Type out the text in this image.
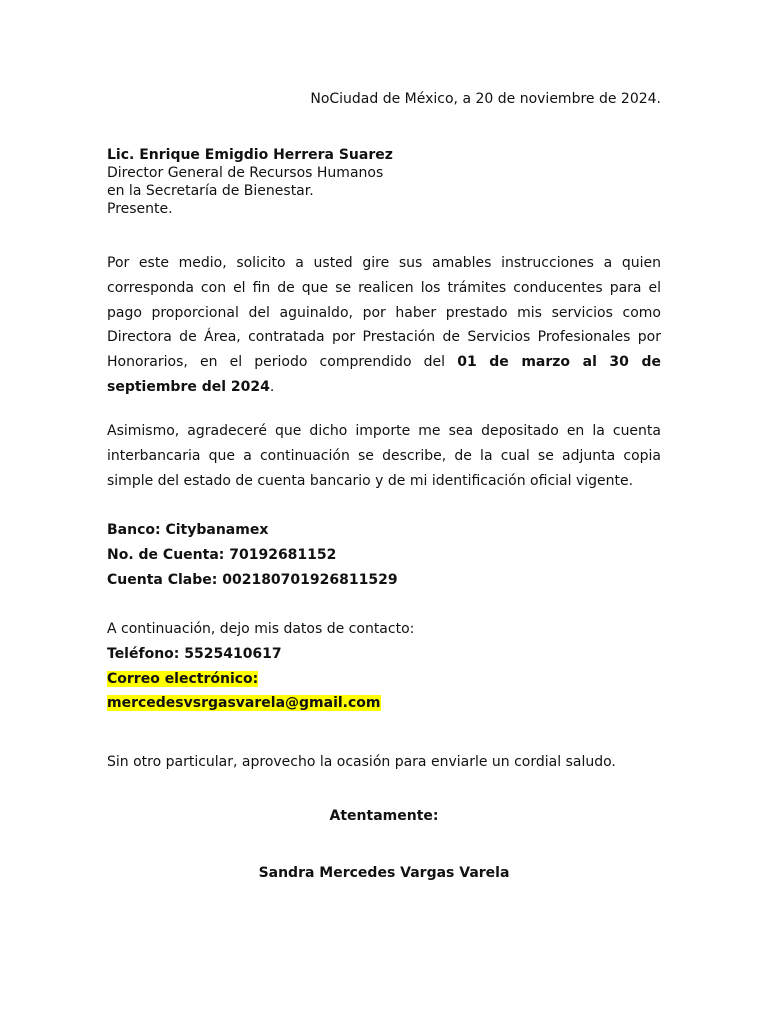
NoCiudad de México, a 20 de noviembre de 2024.
Lic. Enrique Emigdio Herrera Suarez
Director General de Recursos Humanos
en la Secretaría de Bienestar.
Presente.

Por este medio, solicito a usted gire sus amables instrucciones a quien corresponda con el fin de que se realicen los trámites conducentes para el pago proporcional del aguinaldo, por haber prestado mis servicios como Directora de Área, contratada por Prestación de Servicios Profesionales por Honorarios, en el periodo comprendido del 01 de marzo al 30 de septiembre del 2024.

Asimismo, agradeceré que dicho importe me sea depositado en la cuenta interbancaria que a continuación se describe, de la cual se adjunta copia simple del estado de cuenta bancario y de mi identificación oficial vigente.

Banco: Citybanamex
No. de Cuenta: 70192681152
Cuenta Clabe: 002180701926811529
A continuación, dejo mis datos de contacto:
Teléfono: 5525410617
Correo electrónico:
mercedesvsrgasvarela@gmail.com
Sin otro particular, aprovecho la ocasión para enviarle un cordial saludo.
Atentamente:
Sandra Mercedes Vargas Varela
